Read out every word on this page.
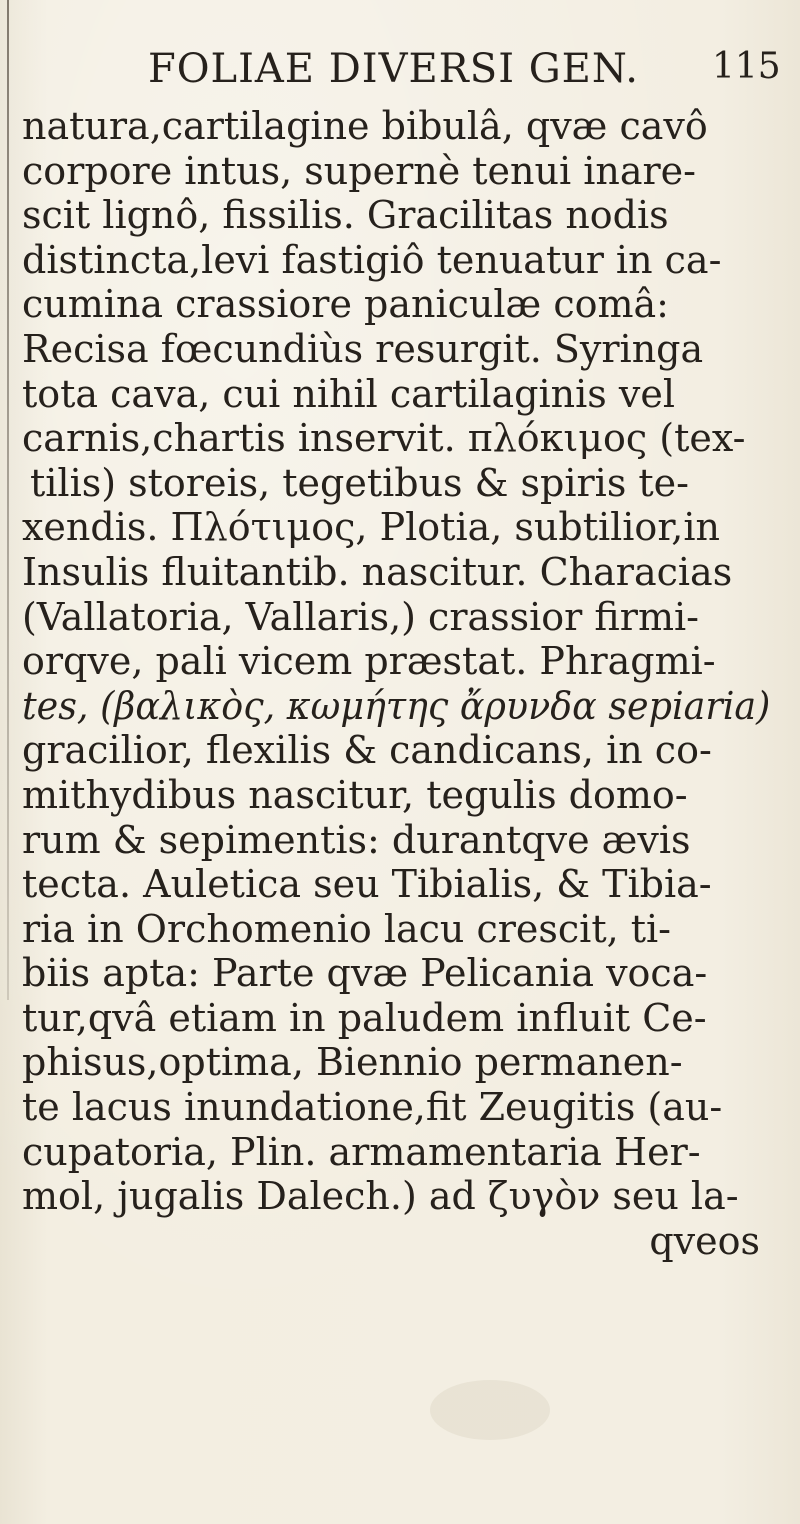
FOLIAE DIVERSI GEN. 115
natura,cartilagine bibulâ, qvæ cavô
corpore intus, supernè tenui inare-
scit lignô, fissilis. Gracilitas nodis
distincta,levi fastigiô tenuatur in ca-
cumina crassiore paniculæ comâ:
Recisa fœcundiùs resurgit. Syringa
tota cava, cui nihil cartilaginis vel
carnis,chartis inservit. πλόκιμος (tex-
tilis) storeis, tegetibus & spiris te-
xendis. Πλότιμος, Plotia, subtilior,in
Insulis fluitantib. nascitur. Characias
(Vallatoria, Vallaris,) crassior firmi-
orqve, pali vicem præstat. Phragmi-
tes, (βαλικὸς, κωμήτης ἄρυνδα sepiaria)
gracilior, flexilis & candicans, in co-
mithydibus nascitur, tegulis domo-
rum & sepimentis: durantqve ævis
tecta. Auletica seu Tibialis, & Tibia-
ria in Orchomenio lacu crescit, ti-
biis apta: Parte qvæ Pelicania voca-
tur,qvâ etiam in paludem influit Ce-
phisus,optima, Biennio permanen-
te lacus inundatione,fit Zeugitis (au-
cupatoria, Plin. armamentaria Her-
mol, jugalis Dalech.) ad ζυγὸν seu la-
qveos
